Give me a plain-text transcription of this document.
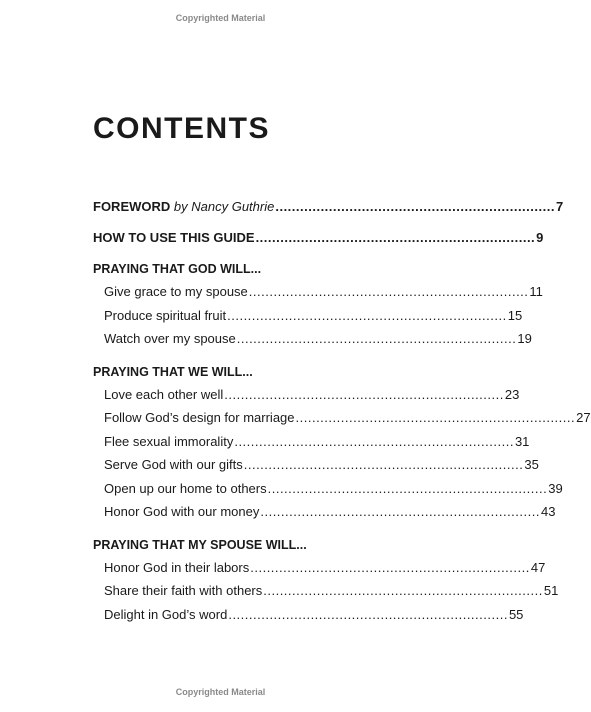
Copyrighted Material
CONTENTS
FOREWORD by Nancy Guthrie .................................................................... 7
HOW TO USE THIS GUIDE .................................................................... 9
PRAYING THAT GOD WILL...
Give grace to my spouse .................................................................... 11
Produce spiritual fruit .................................................................... 15
Watch over my spouse .................................................................... 19
PRAYING THAT WE WILL...
Love each other well .................................................................... 23
Follow God’s design for marriage .................................................................... 27
Flee sexual immorality .................................................................... 31
Serve God with our gifts .................................................................... 35
Open up our home to others .................................................................... 39
Honor God with our money .................................................................... 43
PRAYING THAT MY SPOUSE WILL...
Honor God in their labors .................................................................... 47
Share their faith with others .................................................................... 51
Delight in God’s word .................................................................... 55
Copyrighted Material
